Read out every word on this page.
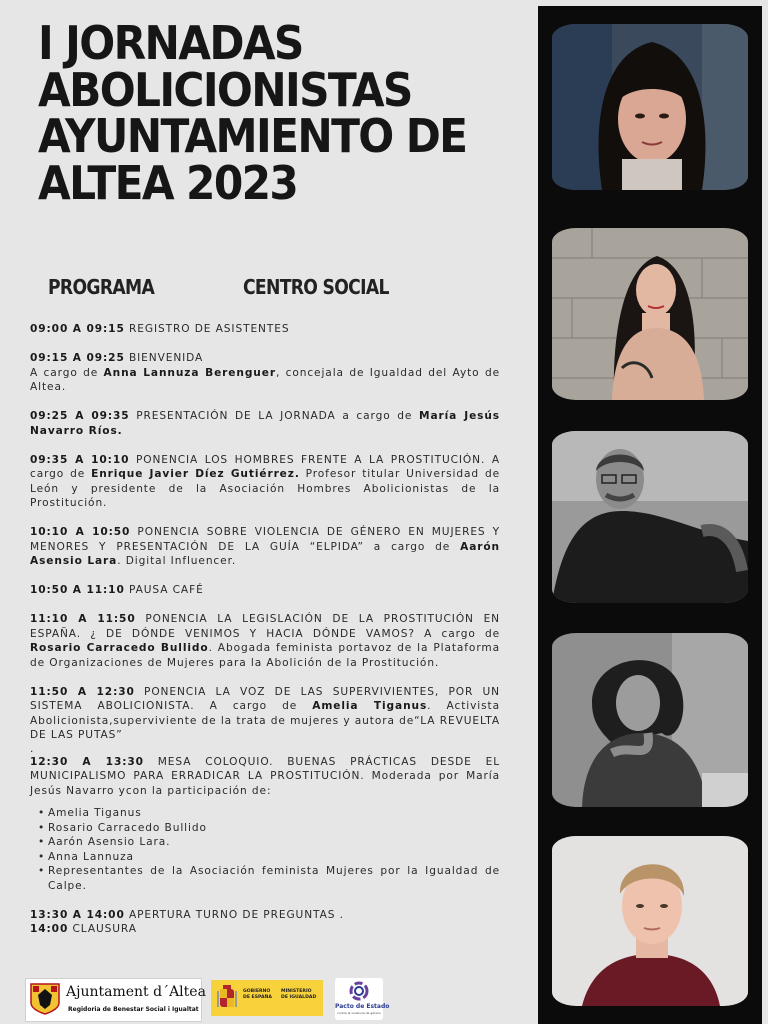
I JORNADAS
ABOLICIONISTAS
AYUNTAMIENTO DE
ALTEA 2023
PROGRAMA	CENTRO SOCIAL
09:00 A 09:15 REGISTRO DE ASISTENTES
09:15 A 09:25 BIENVENIDA
A cargo de Anna Lannuza Berenguer, concejala de Igualdad del Ayto de Altea.
09:25 A 09:35 PRESENTACIÓN DE LA JORNADA a cargo de María Jesús Navarro Ríos.
09:35 A 10:10 PONENCIA LOS HOMBRES FRENTE A LA PROSTITUCIÓN. A cargo de Enrique Javier Díez Gutiérrez. Profesor titular Universidad de León y presidente de la Asociación Hombres Abolicionistas de la Prostitución.
10:10 A 10:50 PONENCIA SOBRE VIOLENCIA DE GÉNERO EN MUJERES Y MENORES Y PRESENTACIÓN DE LA GUÍA “ELPIDA” a cargo de Aarón Asensio Lara. Digital Influencer.
10:50 A 11:10 PAUSA CAFÉ
11:10 A 11:50 PONENCIA LA LEGISLACIÓN DE LA PROSTITUCIÓN EN ESPAÑA. ¿ DE DÓNDE VENIMOS Y HACIA DÓNDE VAMOS? A cargo de Rosario Carracedo Bullido. Abogada feminista portavoz de la Plataforma de Organizaciones de Mujeres para la Abolición de la Prostitución.
11:50 A 12:30 PONENCIA LA VOZ DE LAS SUPERVIVIENTES, POR UN SISTEMA ABOLICIONISTA. A cargo de Amelia Tiganus. Activista Abolicionista,superviviente de la trata de mujeres y autora de“LA REVUELTA DE LAS PUTAS”
.
12:30 A 13:30 MESA COLOQUIO. BUENAS PRÁCTICAS DESDE EL MUNICIPALISMO PARA ERRADICAR LA PROSTITUCIÓN. Moderada por María Jesús Navarro ycon la participación de:
• Amelia Tiganus
• Rosario Carracedo Bullido
• Aarón Asensio Lara.
• Anna Lannuza
• Representantes de la Asociación feminista Mujeres por la Igualdad de Calpe.
13:30 A 14:00 APERTURA TURNO DE PREGUNTAS .
14:00 CLAUSURA
Ajuntament d´Altea
Regidoria de Benestar Social i Igualtat
GOBIERNO
DE ESPAÑA
MINISTERIO
DE IGUALDAD
Pacto de Estado
contra la violencia de género
